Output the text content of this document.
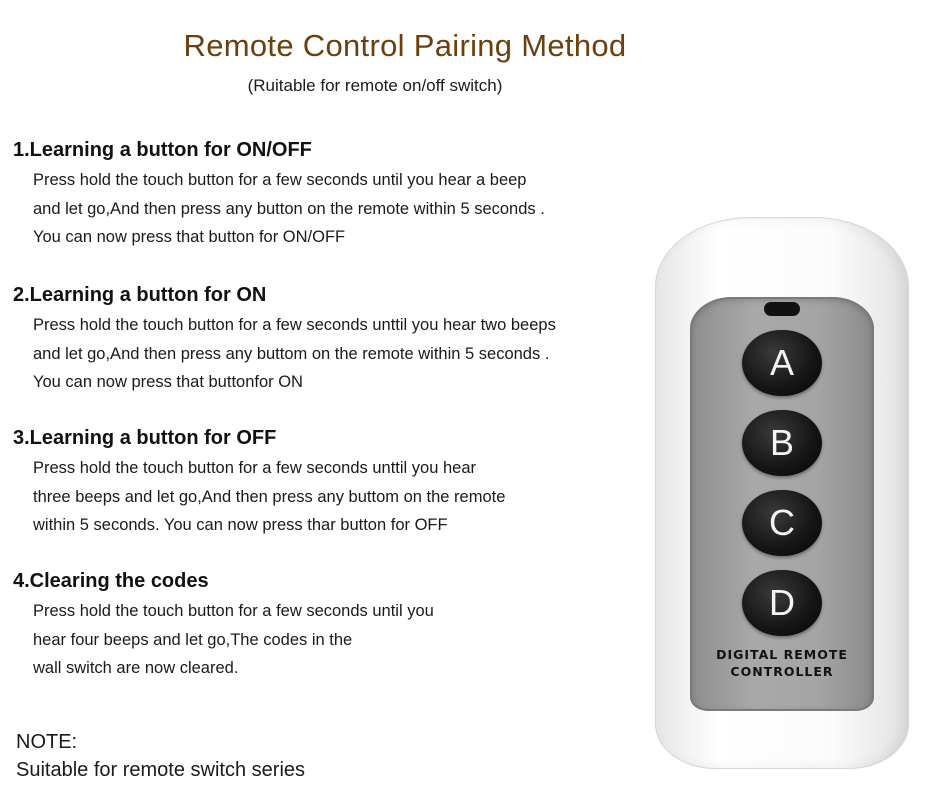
Remote Control Pairing Method
(Ruitable for remote on/off switch)
1.Learning a button for ON/OFF
Press hold the touch button for a few seconds until you hear a beep
and let go,And then press any button on the remote within 5 seconds .
You can now press that button for ON/OFF
2.Learning a button for ON
Press hold the touch button for a few seconds unttil you hear two beeps
and let go,And then press any buttom on the remote within 5 seconds .
You can now press that buttonfor ON
3.Learning a button for OFF
Press hold the touch button for a few seconds unttil you hear
three beeps and let go,And then press any buttom on the remote
within 5 seconds. You can now press thar button for OFF
4.Clearing the codes
Press hold the touch button for a few seconds until you
hear four beeps and let go,The codes in the
wall switch are now cleared.
NOTE:
Suitable for remote switch series
A
B
C
D
DIGITAL REMOTE
CONTROLLER
